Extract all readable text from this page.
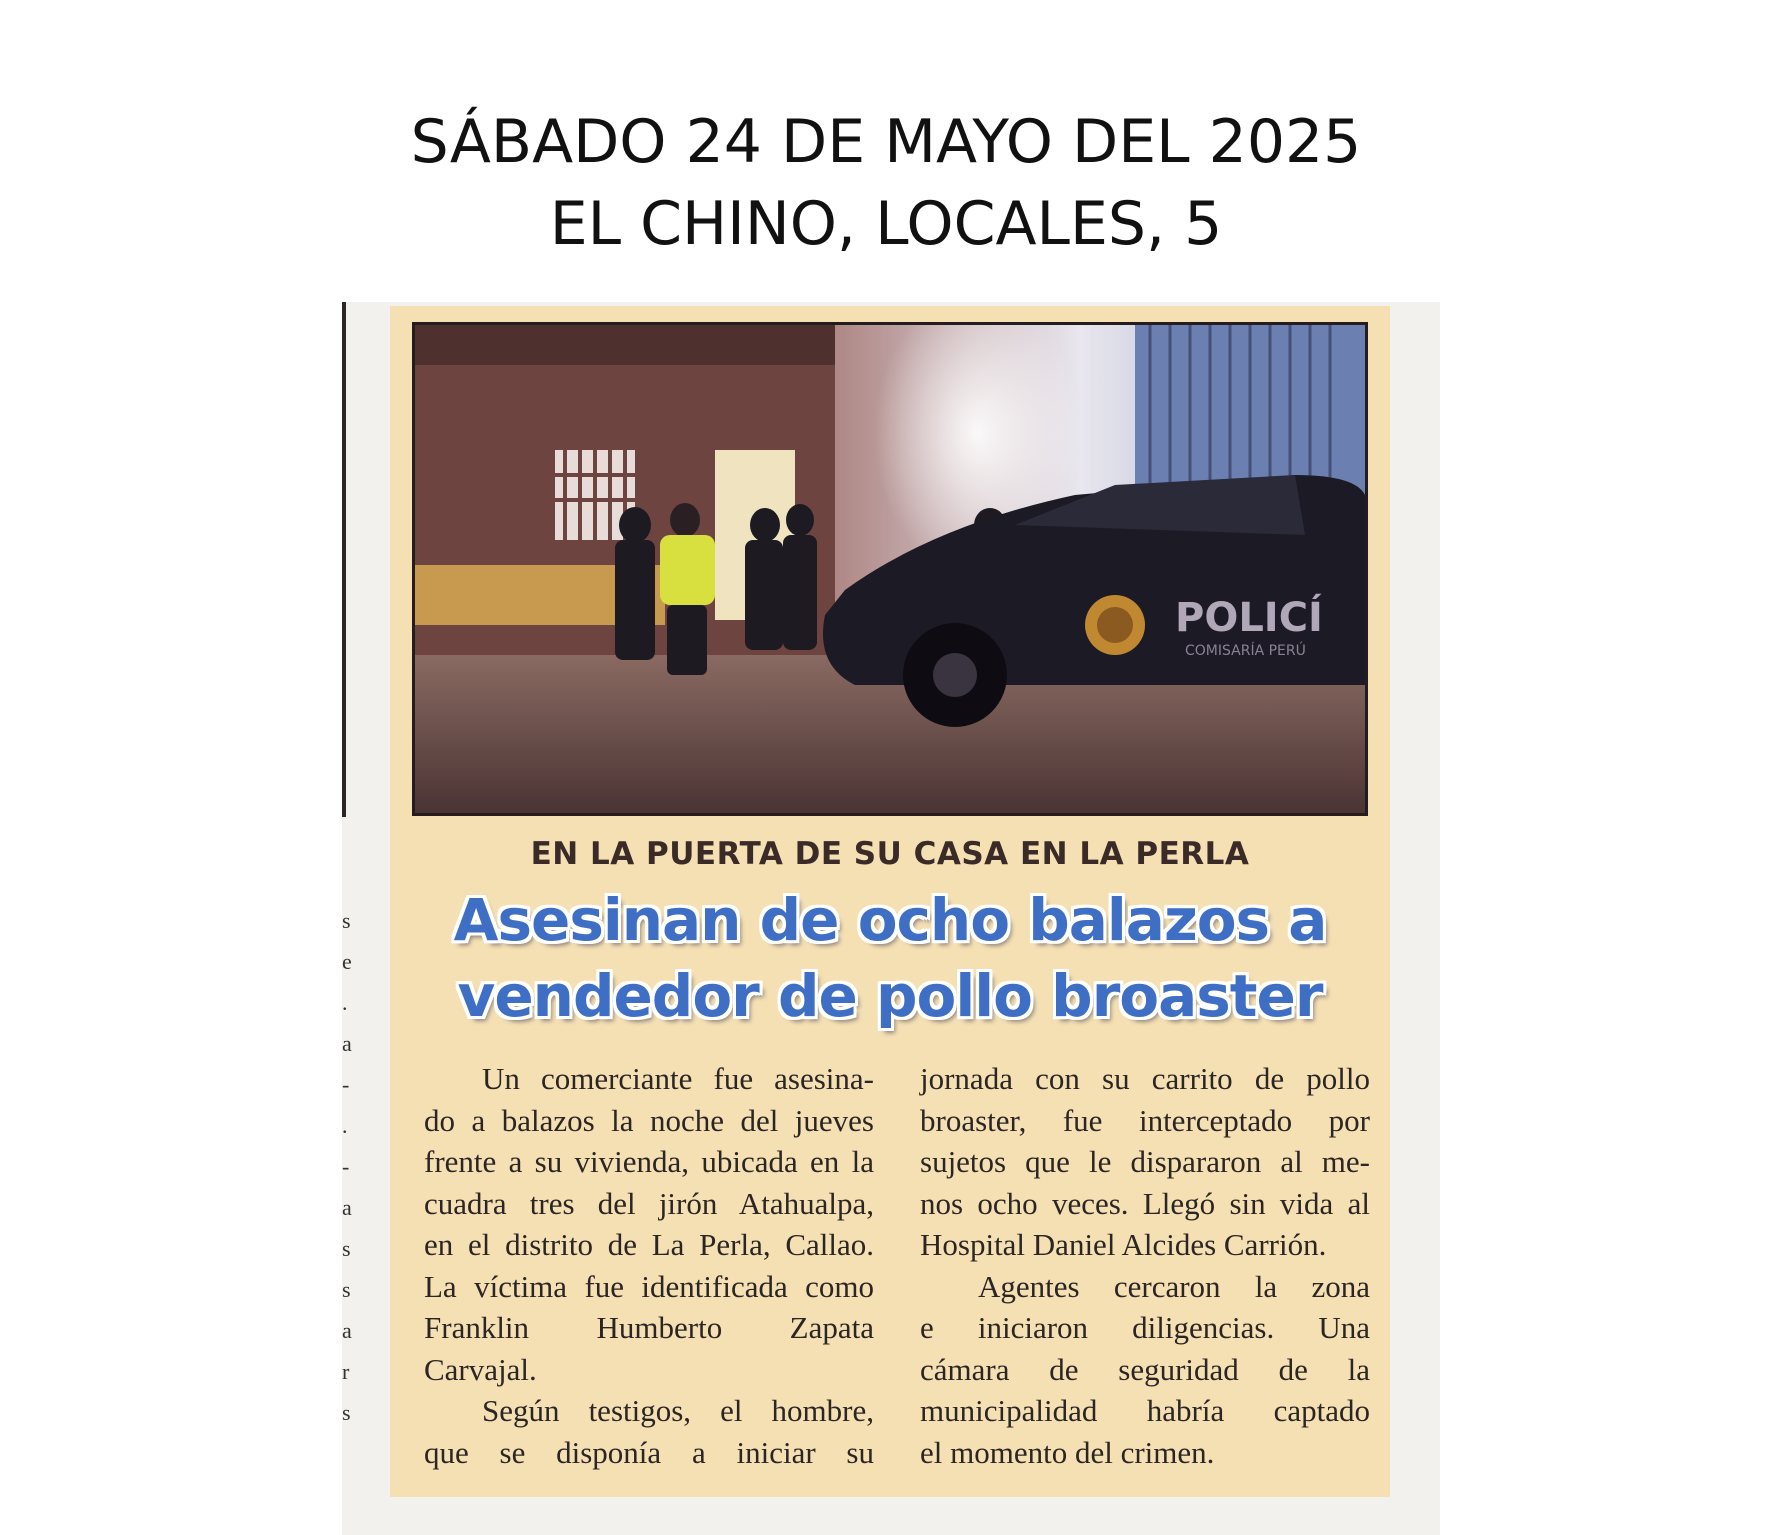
SÁBADO 24 DE MAYO DEL 2025
EL CHINO, LOCALES, 5
s
e
.
a
-
.
-
a
s
s
a
r
s
POLICÍ
COMISARÍA PERÚ
EN LA PUERTA DE SU CASA EN LA PERLA
Asesinan de ocho balazos a
vendedor de pollo broaster
Un comerciante fue asesina-
do a balazos la noche del jueves
frente a su vivienda, ubicada en la
cuadra tres del jirón Atahualpa,
en el distrito de La Perla, Callao.
La víctima fue identificada como
Franklin Humberto Zapata
Carvajal.
Según testigos, el hombre,
que se disponía a iniciar su
jornada con su carrito de pollo
broaster, fue interceptado por
sujetos que le dispararon al me-
nos ocho veces. Llegó sin vida al
Hospital Daniel Alcides Carrión.
Agentes cercaron la zona
e iniciaron diligencias. Una
cámara de seguridad de la
municipalidad habría captado
el momento del crimen.
